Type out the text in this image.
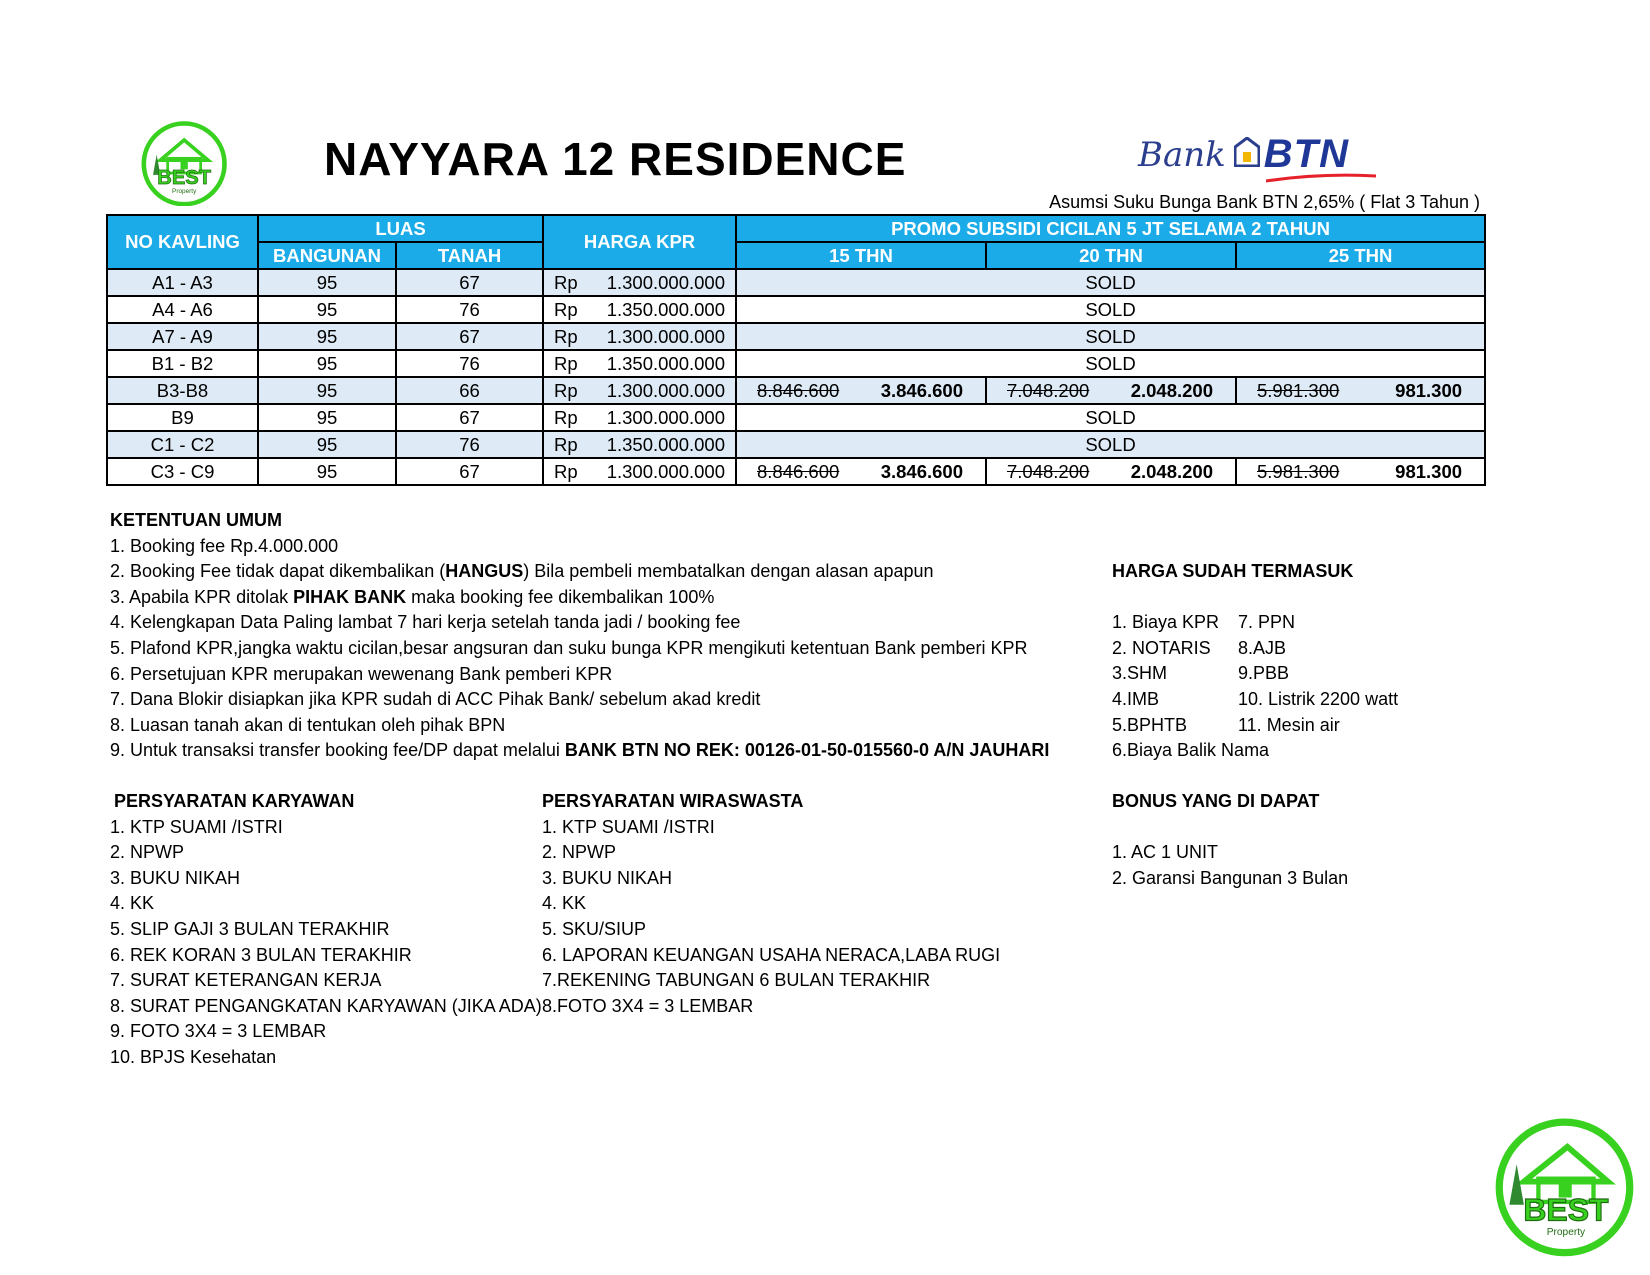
BEST
Property
NAYYARA 12 RESIDENCE	Bank BTN
Asumsi Suku Bunga Bank BTN 2,65% ( Flat 3 Tahun )
NO KAVLING	LUAS		HARGA KPR	PROMO SUBSIDI CICILAN 5 JT SELAMA 2 TAHUN		
	BANGUNAN	TANAH		15 THN	20 THN	25 THN
A1 - A3	95	67	Rp 1.300.000.000	SOLD		
A4 - A6	95	76	Rp 1.350.000.000	SOLD		
A7 - A9	95	67	Rp 1.300.000.000	SOLD		
B1 - B2	95	76	Rp 1.350.000.000	SOLD		
B3-B8	95	66	Rp 1.300.000.000	8.846.600 3.846.600	7.048.200 2.048.200	5.981.300 981.300

B9	95	67	Rp 1.300.000.000	SOLD		
C1 - C2	95	76	Rp 1.350.000.000	SOLD		
C3 - C9	95	67	Rp 1.300.000.000	8.846.600 3.846.600	7.048.200 2.048.200	5.981.300 981.300
KETENTUAN UMUM
1. Booking fee Rp.4.000.000
2. Booking Fee tidak dapat dikembalikan (HANGUS) Bila pembeli membatalkan dengan alasan apapun
3. Apabila KPR ditolak PIHAK BANK maka booking fee dikembalikan 100%
4. Kelengkapan Data Paling lambat 7 hari kerja setelah tanda jadi / booking fee
5. Plafond KPR,jangka waktu cicilan,besar angsuran dan suku bunga KPR mengikuti ketentuan Bank pemberi KPR
6. Persetujuan KPR merupakan wewenang Bank pemberi KPR
7. Dana Blokir disiapkan jika KPR sudah di ACC Pihak Bank/ sebelum akad kredit
8. Luasan tanah akan di tentukan oleh pihak BPN
9. Untuk transaksi transfer booking fee/DP dapat melalui BANK BTN NO REK: 00126-01-50-015560-0 A/N JAUHARI
HARGA SUDAH TERMASUK
1. Biaya KPR	7. PPN
2. NOTARIS	8.AJB
3.SHM	9.PBB
4.IMB	10. Listrik 2200 watt
5.BPHTB	11. Mesin air
6.Biaya Balik Nama
PERSYARATAN KARYAWAN
1. KTP SUAMI /ISTRI
2. NPWP
3. BUKU NIKAH
4. KK
5. SLIP GAJI 3 BULAN TERAKHIR
6. REK KORAN 3 BULAN TERAKHIR
7. SURAT KETERANGAN KERJA
8. SURAT PENGANGKATAN KARYAWAN (JIKA ADA)
9. FOTO 3X4 = 3 LEMBAR
10. BPJS Kesehatan
PERSYARATAN WIRASWASTA
1. KTP SUAMI /ISTRI
2. NPWP
3. BUKU NIKAH
4. KK
5. SKU/SIUP
6. LAPORAN KEUANGAN USAHA NERACA,LABA RUGI
7.REKENING TABUNGAN 6 BULAN TERAKHIR
8.FOTO 3X4 = 3 LEMBAR
BONUS YANG DI DAPAT
1. AC 1 UNIT
2. Garansi Bangunan 3 Bulan
BEST
Property
